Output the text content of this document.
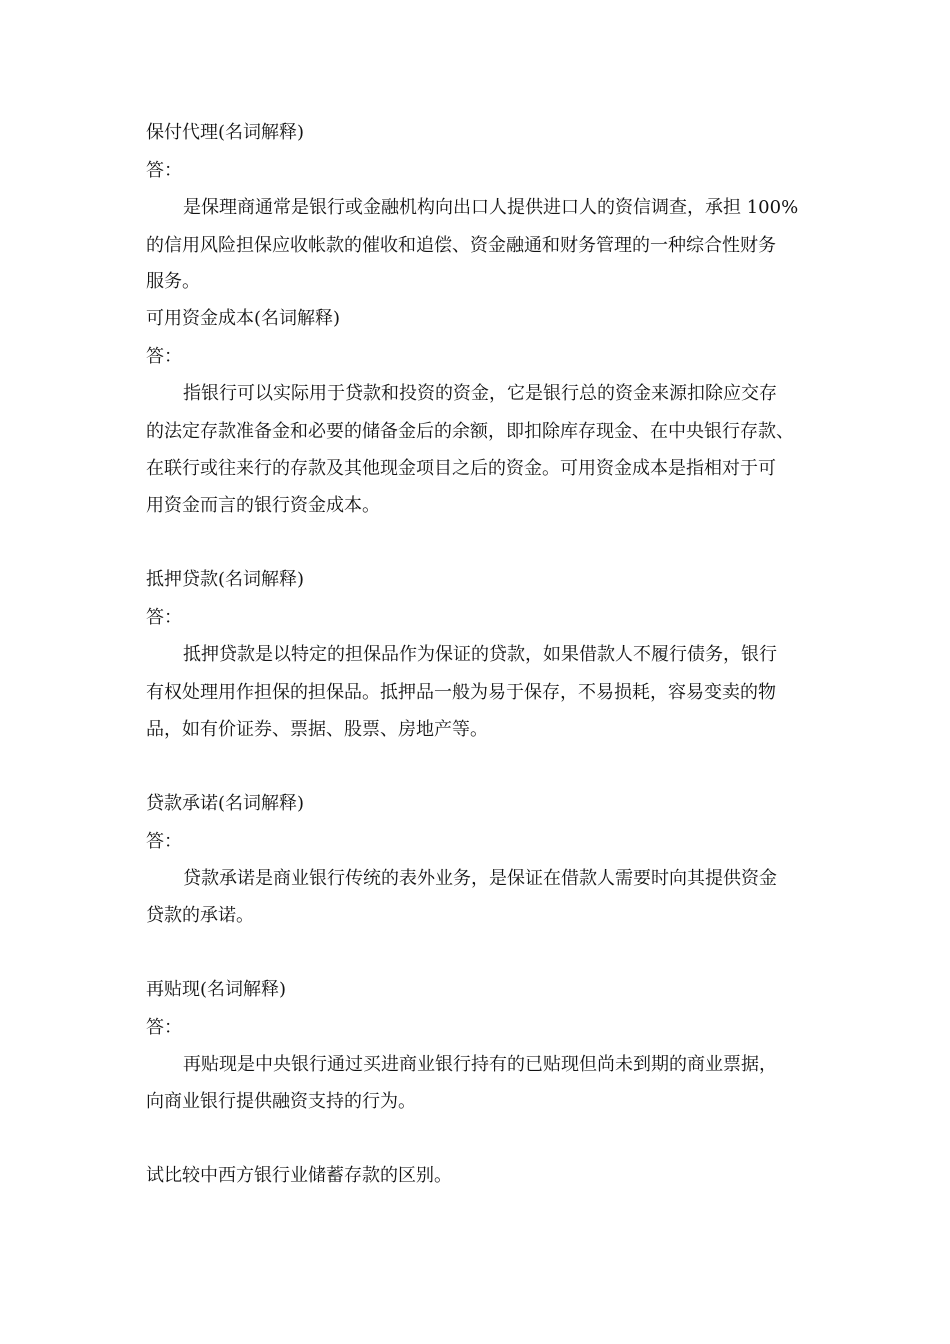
保付代理(名词解释)
答：
是保理商通常是银行或金融机构向出口人提供进口人的资信调查，承担 100%
的信用风险担保应收帐款的催收和追偿、资金融通和财务管理的一种综合性财务
服务。
可用资金成本(名词解释)
答：
指银行可以实际用于贷款和投资的资金，它是银行总的资金来源扣除应交存
的法定存款准备金和必要的储备金后的余额，即扣除库存现金、在中央银行存款、
在联行或往来行的存款及其他现金项目之后的资金。可用资金成本是指相对于可
用资金而言的银行资金成本。
抵押贷款(名词解释)
答：
抵押贷款是以特定的担保品作为保证的贷款，如果借款人不履行债务，银行
有权处理用作担保的担保品。抵押品一般为易于保存，不易损耗，容易变卖的物
品，如有价证券、票据、股票、房地产等。
贷款承诺(名词解释)
答：
贷款承诺是商业银行传统的表外业务，是保证在借款人需要时向其提供资金
贷款的承诺。
再贴现(名词解释)
答：
再贴现是中央银行通过买进商业银行持有的已贴现但尚未到期的商业票据，
向商业银行提供融资支持的行为。
试比较中西方银行业储蓄存款的区别。
